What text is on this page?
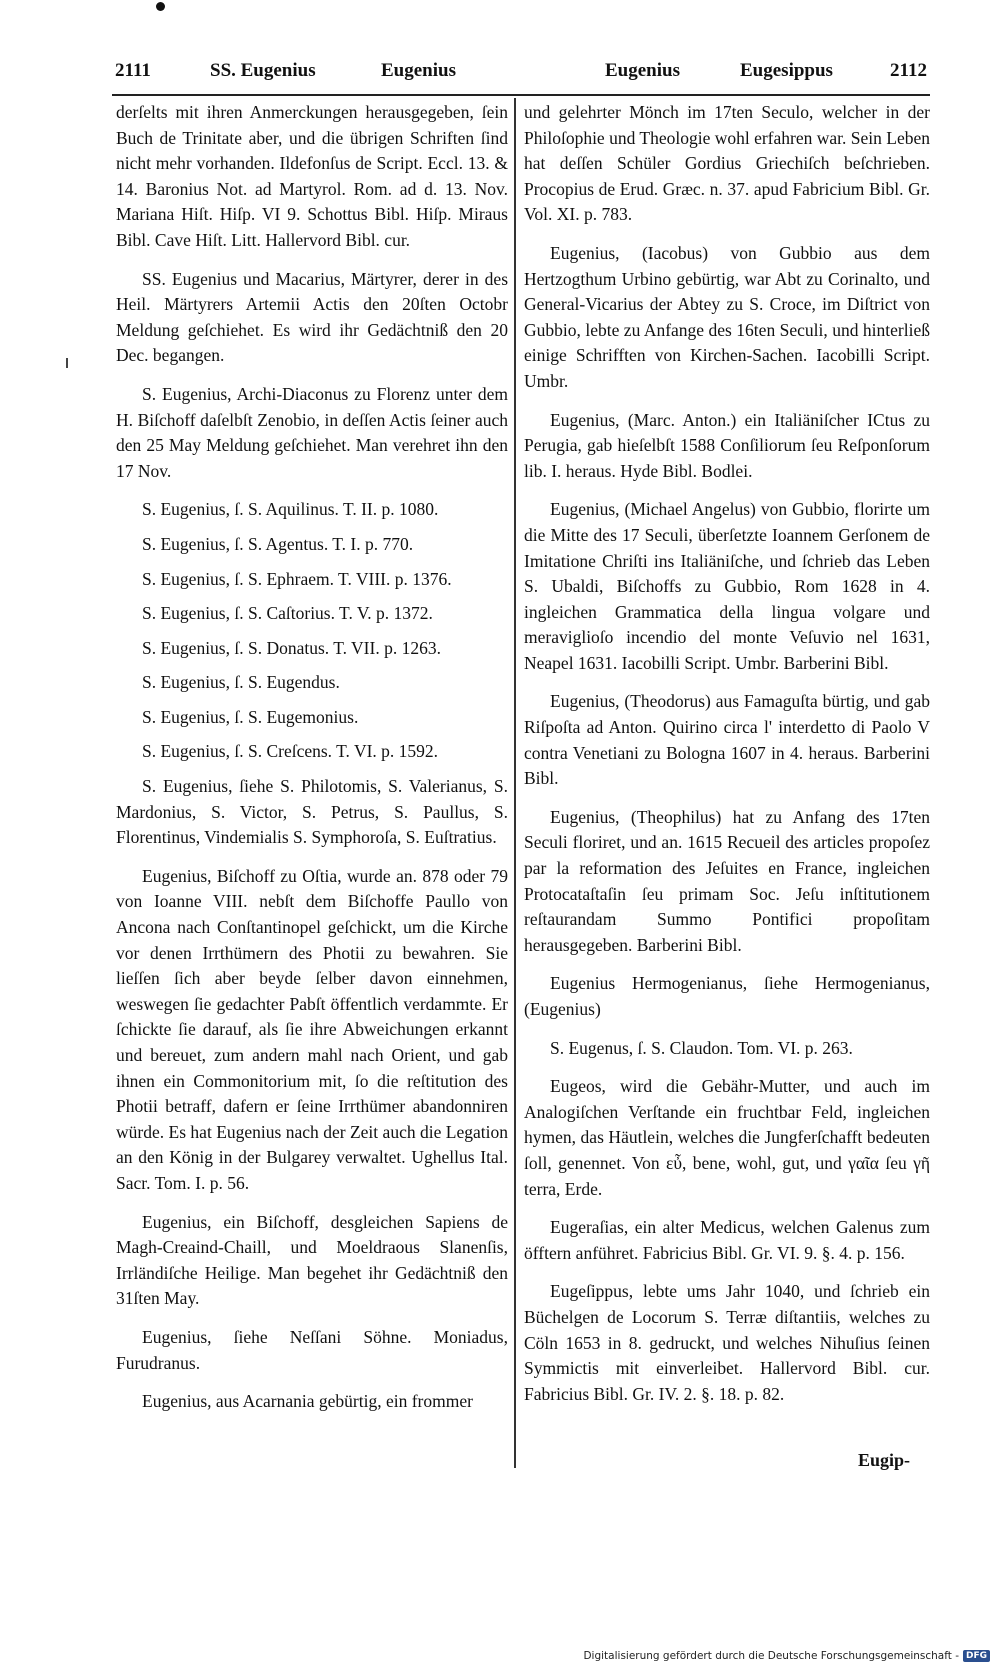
2111	SS. Eugenius	Eugenius	Eugenius	Eugesippus	2112

derſelts mit ihren Anmerckungen herausgegeben, ſein Buch de Trinitate aber, und die übrigen Schriften ſind nicht mehr vorhanden. Ildefonſus de Script. Eccl. 13. & 14. Baronius Not. ad Martyrol. Rom. ad d. 13. Nov. Mariana Hiſt. Hiſp. VI 9. Schottus Bibl. Hiſp. Miraus Bibl. Cave Hiſt. Litt. Hallervord Bibl. cur.

SS. Eugenius und Macarius, Märtyrer, derer in des Heil. Märtyrers Artemii Actis den 20ſten Octobr Meldung geſchiehet. Es wird ihr Gedächtniß den 20 Dec. begangen.

S. Eugenius, Archi-Diaconus zu Florenz unter dem H. Biſchoff daſelbſt Zenobio, in deſſen Actis ſeiner auch den 25 May Meldung geſchiehet. Man verehret ihn den 17 Nov.

S. Eugenius, ſ. S. Aquilinus. T. II. p. 1080.

S. Eugenius, ſ. S. Agentus. T. I. p. 770.

S. Eugenius, ſ. S. Ephraem. T. VIII. p. 1376.

S. Eugenius, ſ. S. Caſtorius. T. V. p. 1372.

S. Eugenius, ſ. S. Donatus. T. VII. p. 1263.

S. Eugenius, ſ. S. Eugendus.

S. Eugenius, ſ. S. Eugemonius.

S. Eugenius, ſ. S. Creſcens. T. VI. p. 1592.

S. Eugenius, ſiehe S. Philotomis, S. Valerianus, S. Mardonius, S. Victor, S. Petrus, S. Paullus, S. Florentinus, Vindemialis S. Symphoroſa, S. Euſtratius.

Eugenius, Biſchoff zu Oſtia, wurde an. 878 oder 79 von Ioanne VIII. nebſt dem Biſchoffe Paullo von Ancona nach Conſtantinopel geſchickt, um die Kirche vor denen Irrthümern des Photii zu bewahren. Sie lieſſen ſich aber beyde ſelber davon einnehmen, weswegen ſie gedachter Pabſt öffentlich verdammte. Er ſchickte ſie darauf, als ſie ihre Abweichungen erkannt und bereuet, zum andern mahl nach Orient, und gab ihnen ein Commonitorium mit, ſo die reſtitution des Photii betraff, dafern er ſeine Irrthümer abandonniren würde. Es hat Eugenius nach der Zeit auch die Legation an den König in der Bulgarey verwaltet. Ughellus Ital. Sacr. Tom. I. p. 56.

Eugenius, ein Biſchoff, desgleichen Sapiens de Magh-Creaind-Chaill, und Moeldraous Slanenſis, Irrländiſche Heilige. Man begehet ihr Gedächtniß den 31ſten May.

Eugenius, ſiehe Neſſani Söhne. Moniadus, Furudranus.

Eugenius, aus Acarnania gebürtig, ein frommer

und gelehrter Mönch im 17ten Seculo, welcher in der Philoſophie und Theologie wohl erfahren war. Sein Leben hat deſſen Schüler Gordius Griechiſch beſchrieben. Procopius de Erud. Græc. n. 37. apud Fabricium Bibl. Gr. Vol. XI. p. 783.

Eugenius, (Iacobus) von Gubbio aus dem Hertzogthum Urbino gebürtig, war Abt zu Corinalto, und General-Vicarius der Abtey zu S. Croce, im Diſtrict von Gubbio, lebte zu Anfange des 16ten Seculi, und hinterließ einige Schrifften von Kirchen-Sachen. Iacobilli Script. Umbr.

Eugenius, (Marc. Anton.) ein Italiäniſcher ICtus zu Perugia, gab hieſelbſt 1588 Conſiliorum ſeu Reſponſorum lib. I. heraus. Hyde Bibl. Bodlei.

Eugenius, (Michael Angelus) von Gubbio, florirte um die Mitte des 17 Seculi, überſetzte Ioannem Gerſonem de Imitatione Chriſti ins Italiäniſche, und ſchrieb das Leben S. Ubaldi, Biſchoffs zu Gubbio, Rom 1628 in 4. ingleichen Grammatica della lingua volgare und meraviglioſo incendio del monte Veſuvio nel 1631, Neapel 1631. Iacobilli Script. Umbr. Barberini Bibl.

Eugenius, (Theodorus) aus Famaguſta bürtig, und gab Riſpoſta ad Anton. Quirino circa l' interdetto di Paolo V contra Venetiani zu Bologna 1607 in 4. heraus. Barberini Bibl.

Eugenius, (Theophilus) hat zu Anfang des 17ten Seculi floriret, und an. 1615 Recueil des articles propoſez par la reformation des Jeſuites en France, ingleichen Protocataſtaſin ſeu primam Soc. Jeſu inſtitutionem reſtaurandam Summo Pontifici propoſitam herausgegeben. Barberini Bibl.

Eugenius Hermogenianus, ſiehe Hermogenianus, (Eugenius)

S. Eugenus, ſ. S. Claudon. Tom. VI. p. 263.

Eugeos, wird die Gebähr-Mutter, und auch im Analogiſchen Verſtande ein fruchtbar Feld, ingleichen hymen, das Häutlein, welches die Jungferſchafft bedeuten ſoll, genennet. Von εὖ, bene, wohl, gut, und γαῖα ſeu γῆ terra, Erde.

Eugeraſias, ein alter Medicus, welchen Galenus zum öfftern anführet. Fabricius Bibl. Gr. VI. 9. §. 4. p. 156.

Eugeſippus, lebte ums Jahr 1040, und ſchrieb ein Büchelgen de Locorum S. Terræ diſtantiis, welches zu Cöln 1653 in 8. gedruckt, und welches Nihuſius ſeinen Symmictis mit einverleibet. Hallervord Bibl. cur. Fabricius Bibl. Gr. IV. 2. §. 18. p. 82.

Eugip-
Digitalisierung gefördert durch die Deutsche Forschungsgemeinschaft - DFG
